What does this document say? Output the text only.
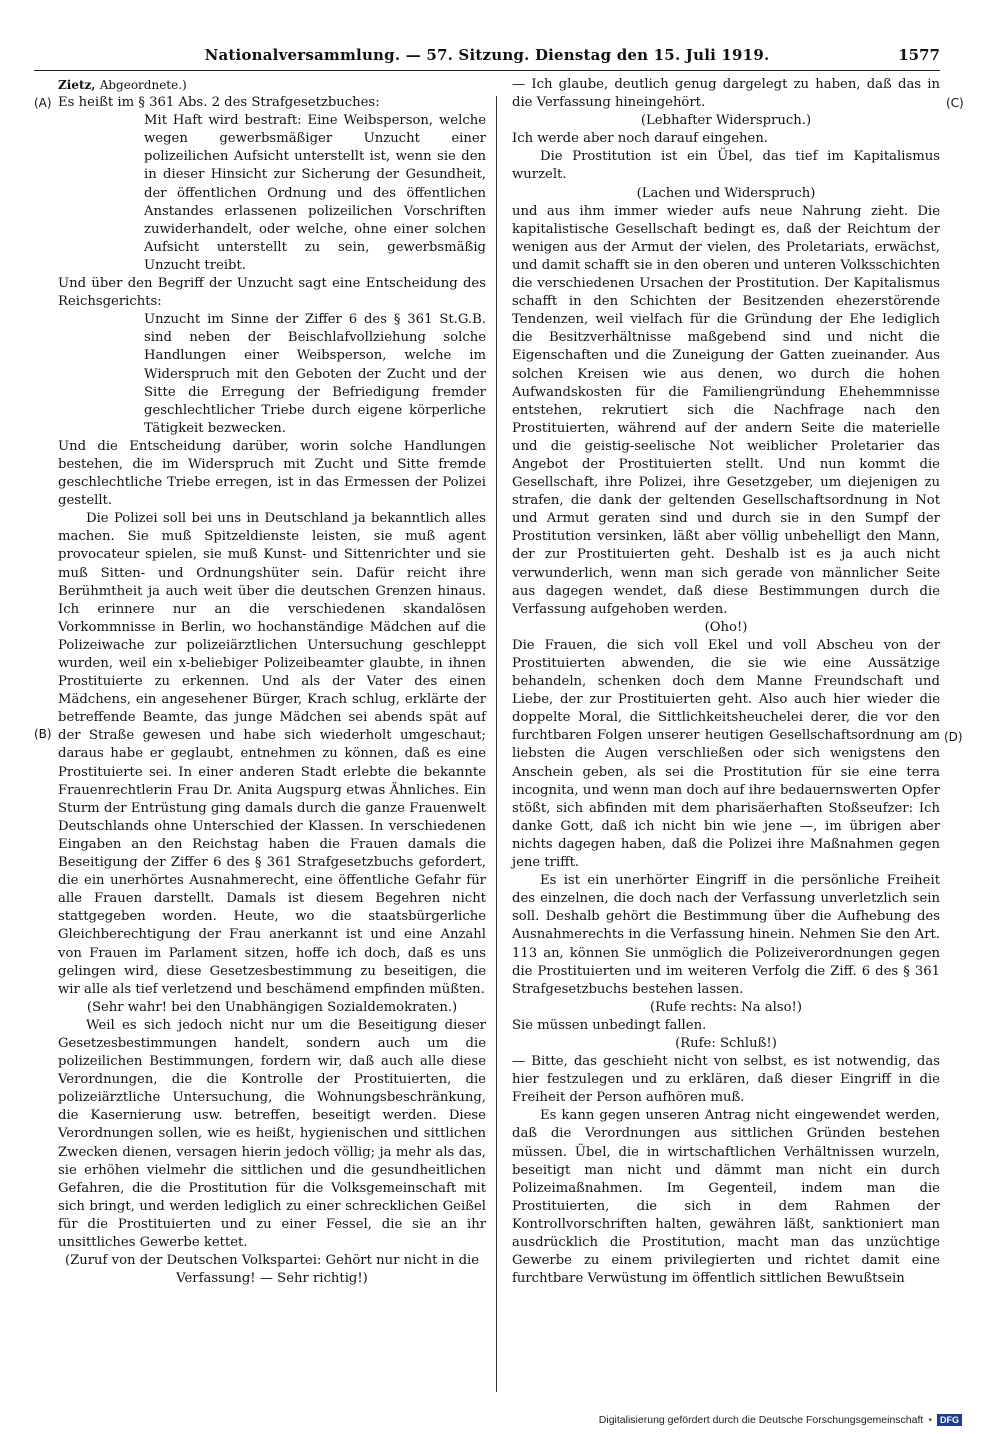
Nationalversammlung. — 57. Sitzung. Dienstag den 15. Juli 1919.	1577
(A)
(B)
(C)
(D)

Zietz, Abgeordnete.)

Es heißt im § 361 Abs. 2 des Strafgesetzbuches:

Mit Haft wird bestraft: Eine Weibsperson, welche wegen gewerbsmäßiger Unzucht einer polizeilichen Aufsicht unterstellt ist, wenn sie den in dieser Hinsicht zur Sicherung der Gesundheit, der öffentlichen Ordnung und des öffentlichen Anstandes erlassenen polizeilichen Vorschriften zuwiderhandelt, oder welche, ohne einer solchen Aufsicht unterstellt zu sein, gewerbsmäßig Unzucht treibt.

Und über den Begriff der Unzucht sagt eine Entscheidung des Reichsgerichts:

Unzucht im Sinne der Ziffer 6 des § 361 St.G.B. sind neben der Beischlafvollziehung solche Handlungen einer Weibsperson, welche im Widerspruch mit den Geboten der Zucht und der Sitte die Erregung der Befriedigung fremder geschlechtlicher Triebe durch eigene körperliche Tätigkeit bezwecken.

Und die Entscheidung darüber, worin solche Handlungen bestehen, die im Widerspruch mit Zucht und Sitte fremde geschlechtliche Triebe erregen, ist in das Ermessen der Polizei gestellt.

Die Polizei soll bei uns in Deutschland ja bekanntlich alles machen. Sie muß Spitzeldienste leisten, sie muß agent provocateur spielen, sie muß Kunst- und Sittenrichter und sie muß Sitten- und Ordnungshüter sein. Dafür reicht ihre Berühmtheit ja auch weit über die deutschen Grenzen hinaus. Ich erinnere nur an die verschiedenen skandalösen Vorkommnisse in Berlin, wo hochanständige Mädchen auf die Polizeiwache zur polizeiärztlichen Untersuchung geschleppt wurden, weil ein x-beliebiger Polizeibeamter glaubte, in ihnen Prostituierte zu erkennen. Und als der Vater des einen Mädchens, ein angesehener Bürger, Krach schlug, erklärte der betreffende Beamte, das junge Mädchen sei abends spät auf der Straße gewesen und habe sich wiederholt umgeschaut; daraus habe er geglaubt, entnehmen zu können, daß es eine Prostituierte sei. In einer anderen Stadt erlebte die bekannte Frauenrechtlerin Frau Dr. Anita Augspurg etwas Ähnliches. Ein Sturm der Entrüstung ging damals durch die ganze Frauenwelt Deutschlands ohne Unterschied der Klassen. In verschiedenen Eingaben an den Reichstag haben die Frauen damals die Beseitigung der Ziffer 6 des § 361 Strafgesetzbuchs gefordert, die ein unerhörtes Ausnahmerecht, eine öffentliche Gefahr für alle Frauen darstellt. Damals ist diesem Begehren nicht stattgegeben worden. Heute, wo die staatsbürgerliche Gleichberechtigung der Frau anerkannt ist und eine Anzahl von Frauen im Parlament sitzen, hoffe ich doch, daß es uns gelingen wird, diese Gesetzesbestimmung zu beseitigen, die wir alle als tief verletzend und beschämend empfinden müßten.

(Sehr wahr! bei den Unabhängigen Sozialdemokraten.)

Weil es sich jedoch nicht nur um die Beseitigung dieser Gesetzesbestimmungen handelt, sondern auch um die polizeilichen Bestimmungen, fordern wir, daß auch alle diese Verordnungen, die die Kontrolle der Prostituierten, die polizeiärztliche Untersuchung, die Wohnungsbeschränkung, die Kasernierung usw. betreffen, beseitigt werden. Diese Verordnungen sollen, wie es heißt, hygienischen und sittlichen Zwecken dienen, versagen hierin jedoch völlig; ja mehr als das, sie erhöhen vielmehr die sittlichen und die gesundheitlichen Gefahren, die die Prostitution für die Volksgemeinschaft mit sich bringt, und werden lediglich zu einer schrecklichen Geißel für die Prostituierten und zu einer Fessel, die sie an ihr unsittliches Gewerbe kettet.

(Zuruf von der Deutschen Volkspartei: Gehört nur nicht in die Verfassung! — Sehr richtig!)

— Ich glaube, deutlich genug dargelegt zu haben, daß das in die Verfassung hineingehört.

(Lebhafter Widerspruch.)

Ich werde aber noch darauf eingehen.

Die Prostitution ist ein Übel, das tief im Kapitalismus wurzelt.

(Lachen und Widerspruch)

und aus ihm immer wieder aufs neue Nahrung zieht. Die kapitalistische Gesellschaft bedingt es, daß der Reichtum der wenigen aus der Armut der vielen, des Proletariats, erwächst, und damit schafft sie in den oberen und unteren Volksschichten die verschiedenen Ursachen der Prostitution. Der Kapitalismus schafft in den Schichten der Besitzenden ehezerstörende Tendenzen, weil vielfach für die Gründung der Ehe lediglich die Besitzverhältnisse maßgebend sind und nicht die Eigenschaften und die Zuneigung der Gatten zueinander. Aus solchen Kreisen wie aus denen, wo durch die hohen Aufwandskosten für die Familiengründung Ehehemmnisse entstehen, rekrutiert sich die Nachfrage nach den Prostituierten, während auf der andern Seite die materielle und die geistig-seelische Not weiblicher Proletarier das Angebot der Prostituierten stellt. Und nun kommt die Gesellschaft, ihre Polizei, ihre Gesetzgeber, um diejenigen zu strafen, die dank der geltenden Gesellschaftsordnung in Not und Armut geraten sind und durch sie in den Sumpf der Prostitution versinken, läßt aber völlig unbehelligt den Mann, der zur Prostituierten geht. Deshalb ist es ja auch nicht verwunderlich, wenn man sich gerade von männlicher Seite aus dagegen wendet, daß diese Bestimmungen durch die Verfassung aufgehoben werden.

(Oho!)

Die Frauen, die sich voll Ekel und voll Abscheu von der Prostituierten abwenden, die sie wie eine Aussätzige behandeln, schenken doch dem Manne Freundschaft und Liebe, der zur Prostituierten geht. Also auch hier wieder die doppelte Moral, die Sittlichkeitsheuchelei derer, die vor den furchtbaren Folgen unserer heutigen Gesellschaftsordnung am liebsten die Augen verschließen oder sich wenigstens den Anschein geben, als sei die Prostitution für sie eine terra incognita, und wenn man doch auf ihre bedauernswerten Opfer stößt, sich abfinden mit dem pharisäerhaften Stoßseufzer: Ich danke Gott, daß ich nicht bin wie jene —, im übrigen aber nichts dagegen haben, daß die Polizei ihre Maßnahmen gegen jene trifft.

Es ist ein unerhörter Eingriff in die persönliche Freiheit des einzelnen, die doch nach der Verfassung unverletzlich sein soll. Deshalb gehört die Bestimmung über die Aufhebung des Ausnahmerechts in die Verfassung hinein. Nehmen Sie den Art. 113 an, können Sie unmöglich die Polizeiverordnungen gegen die Prostituierten und im weiteren Verfolg die Ziff. 6 des § 361 Strafgesetzbuchs bestehen lassen.

(Rufe rechts: Na also!)

Sie müssen unbedingt fallen.

(Rufe: Schluß!)

— Bitte, das geschieht nicht von selbst, es ist notwendig, das hier festzulegen und zu erklären, daß dieser Eingriff in die Freiheit der Person aufhören muß.

Es kann gegen unseren Antrag nicht eingewendet werden, daß die Verordnungen aus sittlichen Gründen bestehen müssen. Übel, die in wirtschaftlichen Verhältnissen wurzeln, beseitigt man nicht und dämmt man nicht ein durch Polizeimaßnahmen. Im Gegenteil, indem man die Prostituierten, die sich in dem Rahmen der Kontrollvorschriften halten, gewähren läßt, sanktioniert man ausdrücklich die Prostitution, macht man das unzüchtige Gewerbe zu einem privilegierten und richtet damit eine furchtbare Verwüstung im öffentlich sittlichen Bewußtsein

Digitalisierung gefördert durch die Deutsche Forschungsgemeinschaft • DFG
